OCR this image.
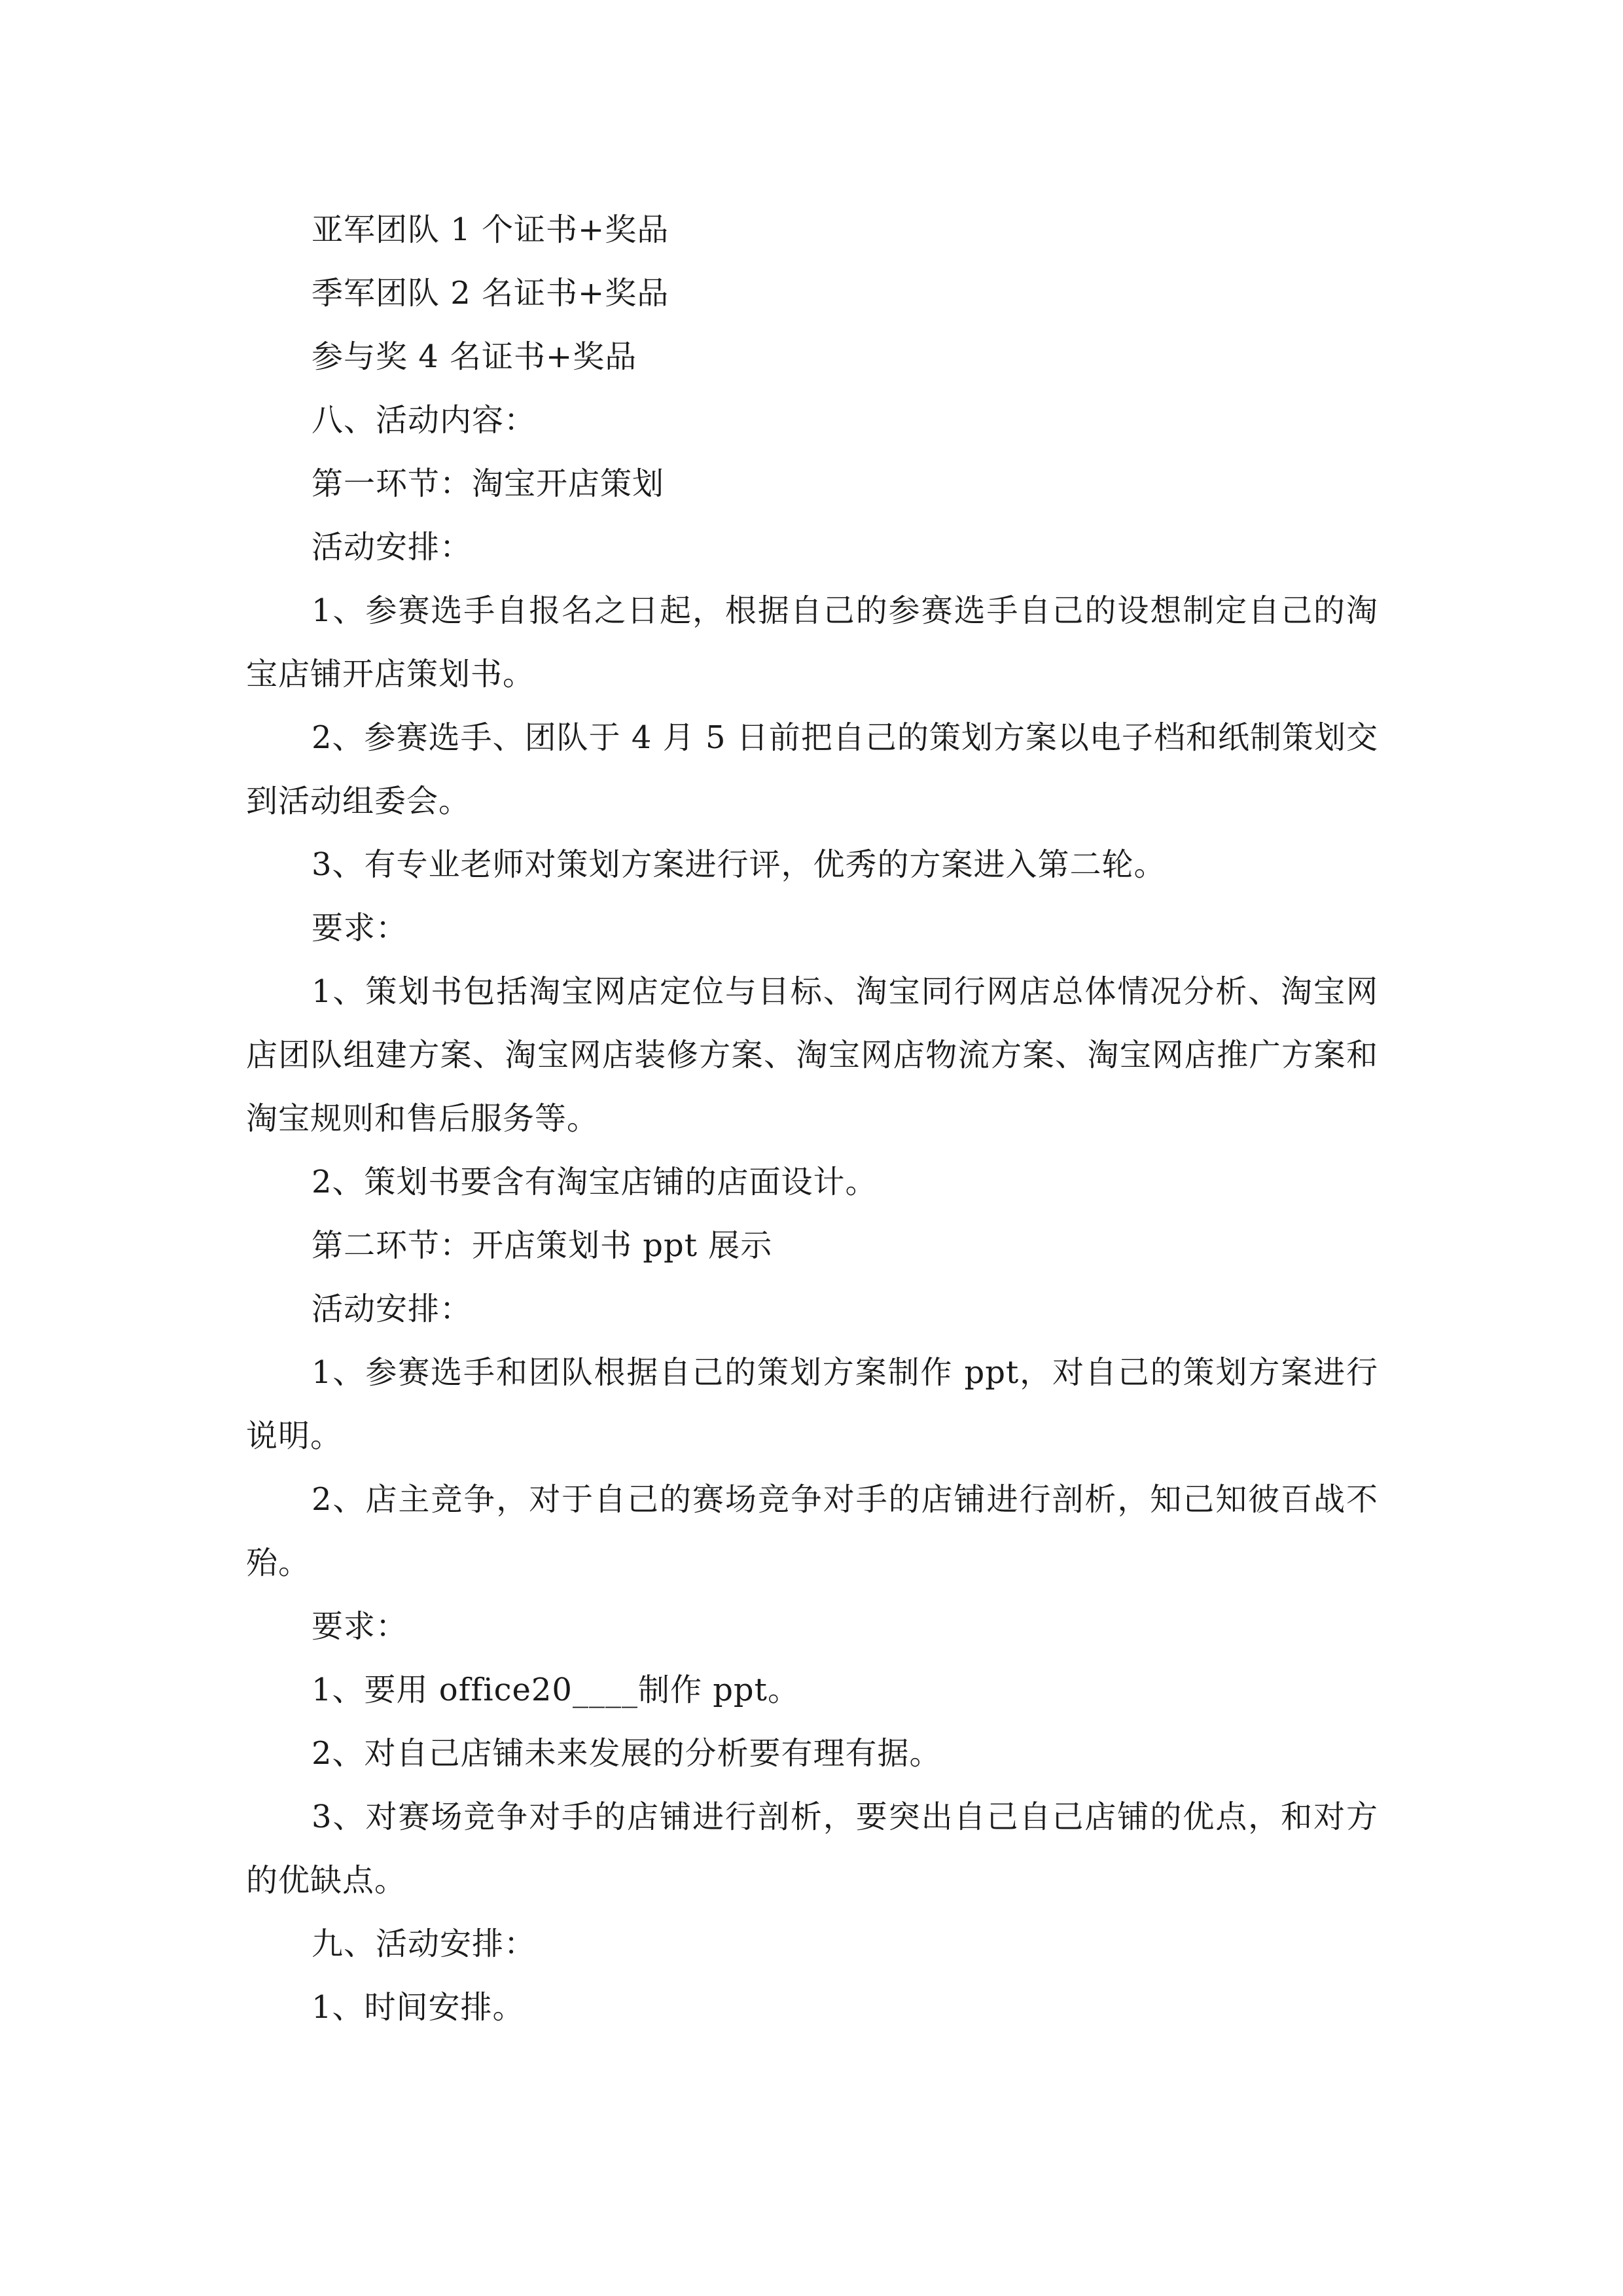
亚军团队 1 个证书+奖品

季军团队 2 名证书+奖品

参与奖 4 名证书+奖品

八、活动内容：

第一环节：淘宝开店策划

活动安排：

1、参赛选手自报名之日起，根据自己的参赛选手自己的设想制定自己的淘宝店铺开店策划书。

2、参赛选手、团队于 4 月 5 日前把自己的策划方案以电子档和纸制策划交到活动组委会。

3、有专业老师对策划方案进行评，优秀的方案进入第二轮。

要求：

1、策划书包括淘宝网店定位与目标、淘宝同行网店总体情况分析、淘宝网店团队组建方案、淘宝网店装修方案、淘宝网店物流方案、淘宝网店推广方案和淘宝规则和售后服务等。

2、策划书要含有淘宝店铺的店面设计。

第二环节：开店策划书 ppt 展示

活动安排：

1、参赛选手和团队根据自己的策划方案制作 ppt，对自己的策划方案进行说明。

2、店主竞争，对于自己的赛场竞争对手的店铺进行剖析，知己知彼百战不殆。

要求：

1、要用 office20____制作 ppt。

2、对自己店铺未来发展的分析要有理有据。

3、对赛场竞争对手的店铺进行剖析，要突出自己自己店铺的优点，和对方的优缺点。

九、活动安排：

1、时间安排。
